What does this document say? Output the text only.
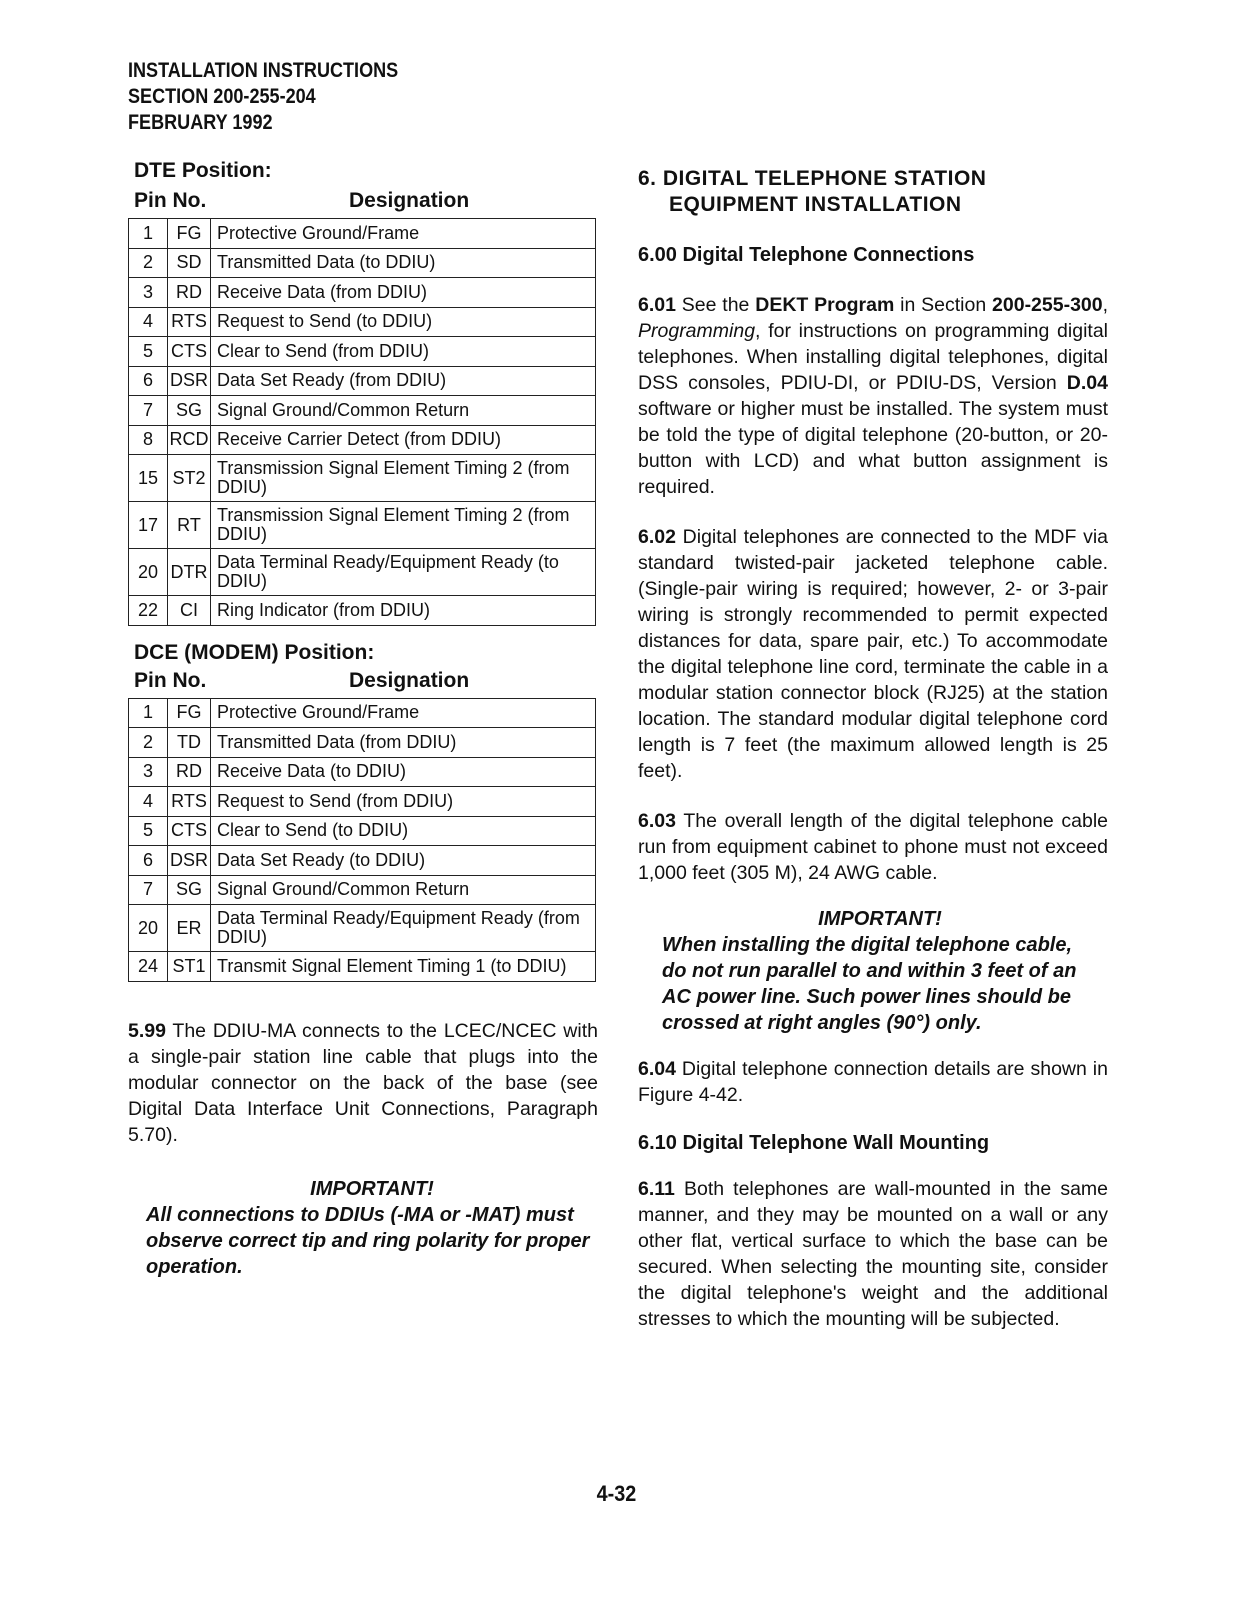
INSTALLATION INSTRUCTIONS
SECTION 200-255-204
FEBRUARY 1992
DTE Position:
Pin No.	Designation
1	FG	Protective Ground/Frame
2	SD	Transmitted Data (to DDIU)
3	RD	Receive Data (from DDIU)
4	RTS	Request to Send (to DDIU)
5	CTS	Clear to Send (from DDIU)
6	DSR	Data Set Ready (from DDIU)
7	SG	Signal Ground/Common Return
8	RCD	Receive Carrier Detect (from DDIU)
15	ST2	Transmission Signal Element Timing 2 (from DDIU)
17	RT	Transmission Signal Element Timing 2 (from DDIU)
20	DTR	Data Terminal Ready/Equipment Ready (to DDIU)
22	CI	Ring Indicator (from DDIU)
DCE (MODEM) Position:
Pin No.	Designation
1	FG	Protective Ground/Frame
2	TD	Transmitted Data (from DDIU)
3	RD	Receive Data (to DDIU)
4	RTS	Request to Send (from DDIU)
5	CTS	Clear to Send (to DDIU)
6	DSR	Data Set Ready (to DDIU)
7	SG	Signal Ground/Common Return
20	ER	Data Terminal Ready/Equipment Ready (from DDIU)
24	ST1	Transmit Signal Element Timing 1 (to DDIU)

5.99 The DDIU-MA connects to the LCEC/NCEC with a single-pair station line cable that plugs into the modular connector on the back of the base (see Digital Data Interface Unit Connections, Paragraph 5.70).

IMPORTANT!

All connections to DDIUs (-MA or -MAT) must observe correct tip and ring polarity for proper operation.

6. DIGITAL TELEPHONE STATION
EQUIPMENT INSTALLATION
6.00 Digital Telephone Connections

6.01 See the DEKT Program in Section 200-255-300, Programming, for instructions on programming digital telephones. When installing digital telephones, digital DSS consoles, PDIU-DI, or PDIU-DS, Version D.04 software or higher must be installed. The system must be told the type of digital telephone (20-button, or 20-button with LCD) and what button assignment is required.

6.02 Digital telephones are connected to the MDF via standard twisted-pair jacketed telephone cable. (Single-pair wiring is required; however, 2- or 3-pair wiring is strongly recommended to permit expected distances for data, spare pair, etc.) To accommodate the digital telephone line cord, terminate the cable in a modular station connector block (RJ25) at the station location. The standard modular digital telephone cord length is 7 feet (the maximum allowed length is 25 feet).

6.03 The overall length of the digital telephone cable run from equipment cabinet to phone must not exceed 1,000 feet (305 M), 24 AWG cable.

IMPORTANT!

When installing the digital telephone cable, do not run parallel to and within 3 feet of an AC power line. Such power lines should be crossed at right angles (90°) only.

6.04 Digital telephone connection details are shown in Figure 4-42.

6.10 Digital Telephone Wall Mounting

6.11 Both telephones are wall-mounted in the same manner, and they may be mounted on a wall or any other flat, vertical surface to which the base can be secured. When selecting the mounting site, consider the digital telephone's weight and the additional stresses to which the mounting will be subjected.

4-32
